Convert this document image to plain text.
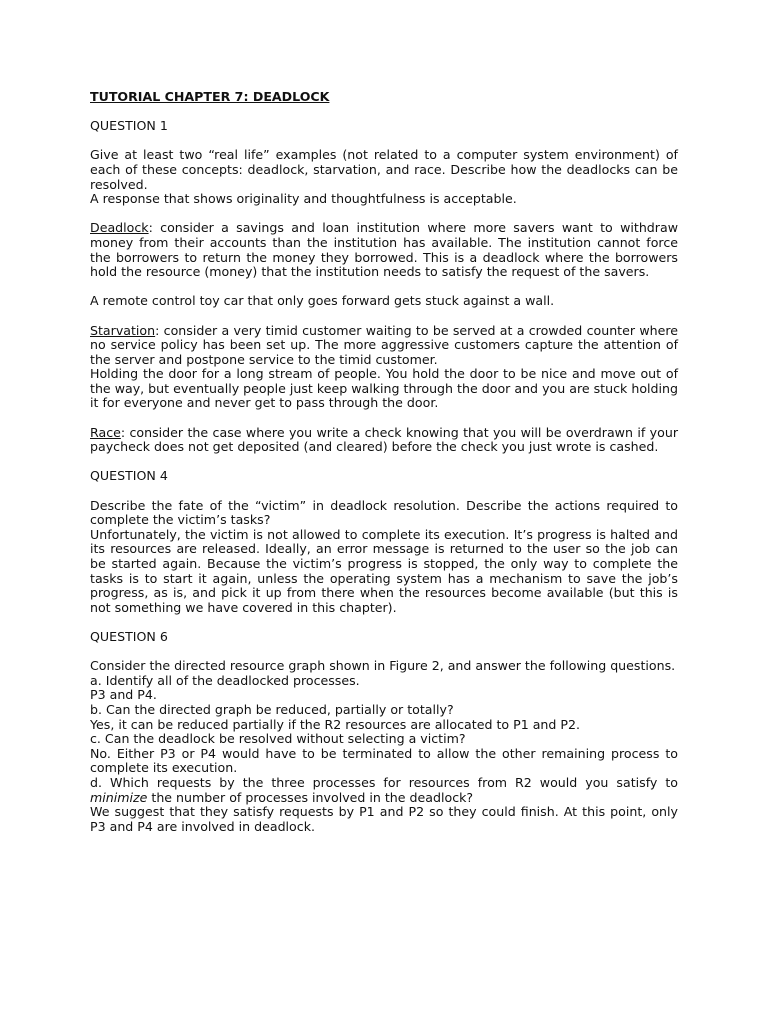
TUTORIAL CHAPTER 7: DEADLOCK

QUESTION 1

Give at least two “real life” examples (not related to a computer system environment) of each of these concepts: deadlock, starvation, and race. Describe how the deadlocks can be resolved.

A response that shows originality and thoughtfulness is acceptable.

Deadlock: consider a savings and loan institution where more savers want to withdraw money from their accounts than the institution has available. The institution cannot force the borrowers to return the money they borrowed. This is a deadlock where the borrowers hold the resource (money) that the institution needs to satisfy the request of the savers.

A remote control toy car that only goes forward gets stuck against a wall.

Starvation: consider a very timid customer waiting to be served at a crowded counter where no service policy has been set up. The more aggressive customers capture the attention of the server and postpone service to the timid customer.

Holding the door for a long stream of people. You hold the door to be nice and move out of the way, but eventually people just keep walking through the door and you are stuck holding it for everyone and never get to pass through the door.

Race: consider the case where you write a check knowing that you will be overdrawn if your paycheck does not get deposited (and cleared) before the check you just wrote is cashed.

QUESTION 4

Describe the fate of the “victim” in deadlock resolution. Describe the actions required to complete the victim’s tasks?

Unfortunately, the victim is not allowed to complete its execution. It’s progress is halted and its resources are released. Ideally, an error message is returned to the user so the job can be started again. Because the victim’s progress is stopped, the only way to complete the tasks is to start it again, unless the operating system has a mechanism to save the job’s progress, as is, and pick it up from there when the resources become available (but this is not something we have covered in this chapter).

QUESTION 6

Consider the directed resource graph shown in Figure 2, and answer the following questions.
a. Identify all of the deadlocked processes.
P3 and P4.
b. Can the directed graph be reduced, partially or totally?
Yes, it can be reduced partially if the R2 resources are allocated to P1 and P2.
c. Can the deadlock be resolved without selecting a victim?
No. Either P3 or P4 would have to be terminated to allow the other remaining process to complete its execution.
d. Which requests by the three processes for resources from R2 would you satisfy to minimize the number of processes involved in the deadlock?
We suggest that they satisfy requests by P1 and P2 so they could finish. At this point, only P3 and P4 are involved in deadlock.
